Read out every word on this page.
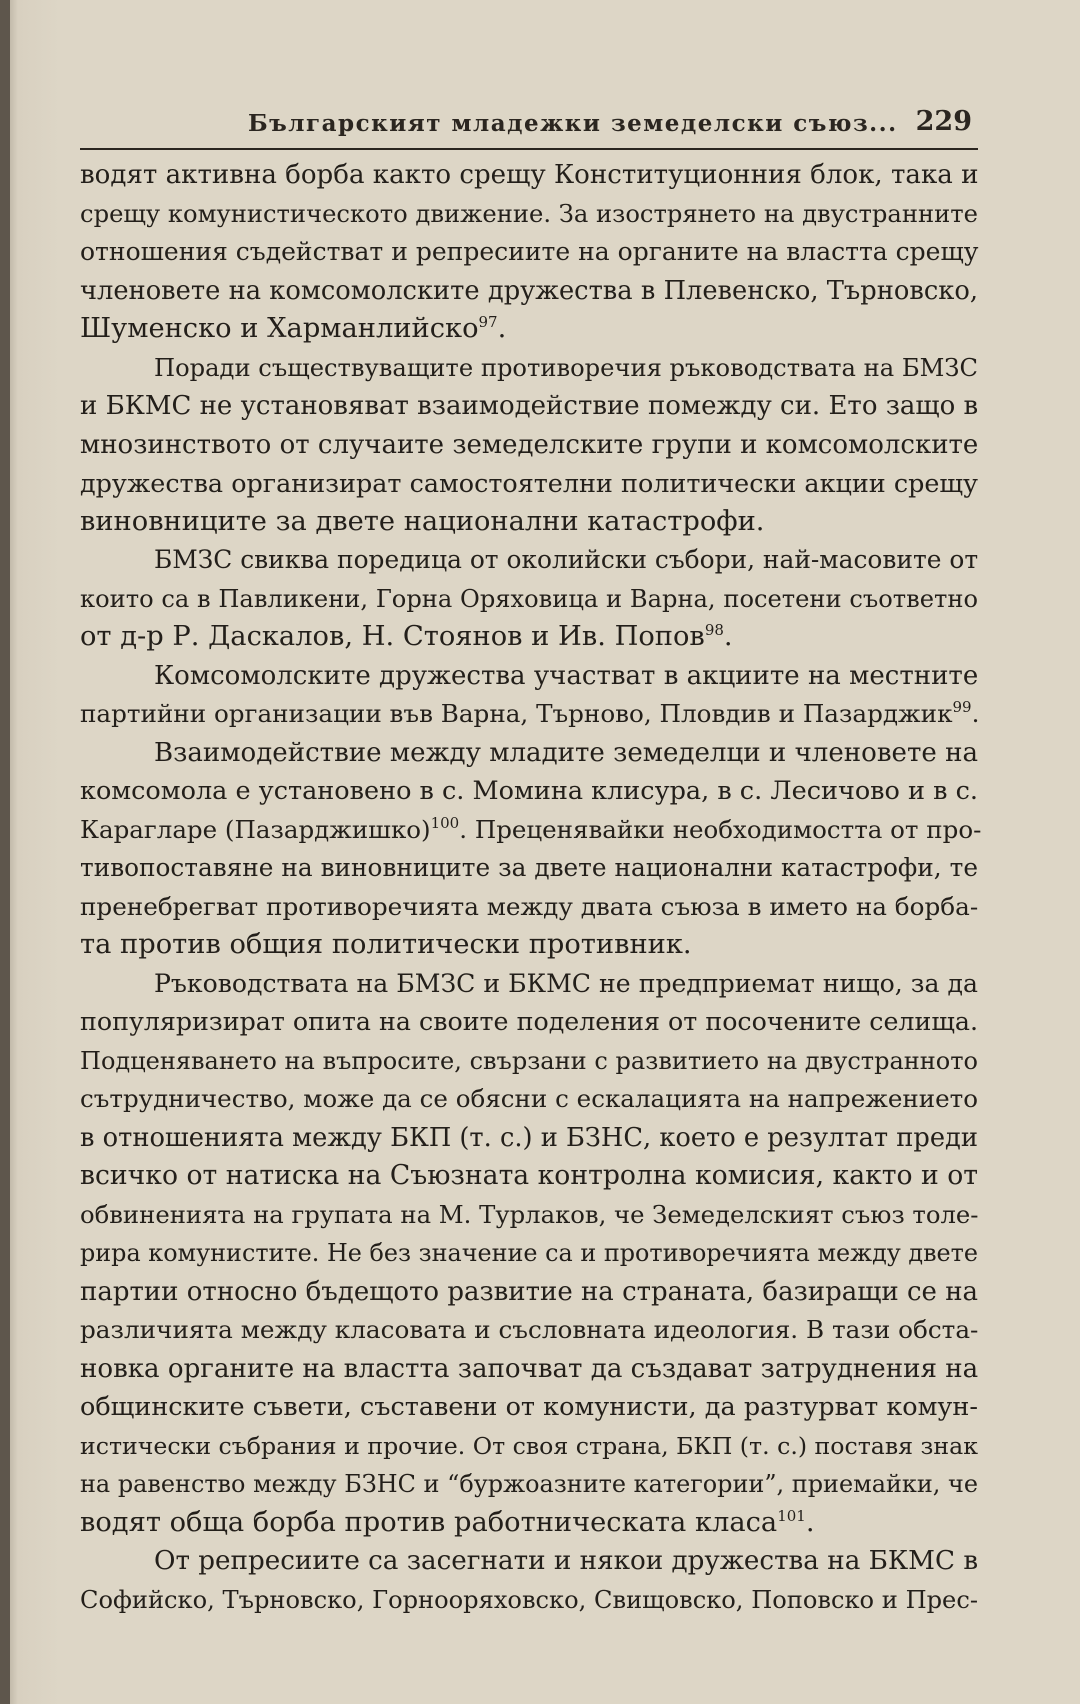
Българският младежки земеделски съюз... 229

водят активна борба както срещу Конституционния блок, така и
срещу комунистическото движение. За изострянето на двустранните
отношения съдействат и репресиите на органите на властта срещу
членовете на комсомолските дружества в Плевенско, Търновско,
Шуменско и Харманлийско$^{97}$.

Поради съществуващите противоречия ръководствата на БМЗС
и БКМС не установяват взаимодействие помежду си. Ето защо в
мнозинството от случаите земеделските групи и комсомолските
дружества организират самостоятелни политически акции срещу
виновниците за двете национални катастрофи.

БМЗС свиква поредица от околийски събори, най-масовите от
които са в Павликени, Горна Оряховица и Варна, посетени съответно
от д-р Р. Даскалов, Н. Стоянов и Ив. Попов$^{98}$.

Комсомолските дружества участват в акциите на местните
партийни организации във Варна, Търново, Пловдив и Пазарджик$^{99}$.

Взаимодействие между младите земеделци и членовете на
комсомола е установено в с. Момина клисура, в с. Лесичово и в с.
Карагларе (Пазарджишко)$^{100}$. Преценявайки необходимостта от про-
тивопоставяне на виновниците за двете национални катастрофи, те
пренебрегват противоречията между двата съюза в името на борба-
та против общия политически противник.

Ръководствата на БМЗС и БКМС не предприемат нищо, за да
популяризират опита на своите поделения от посочените селища.
Подценяването на въпросите, свързани с развитието на двустранното
сътрудничество, може да се обясни с ескалацията на напрежението
в отношенията между БКП (т. с.) и БЗНС, което е резултат преди
всичко от натиска на Съюзната контролна комисия, както и от
обвиненията на групата на М. Турлаков, че Земеделският съюз толе-
рира комунистите. Не без значение са и противоречията между двете
партии относно бъдещото развитие на страната, базиращи се на
различията между класовата и съсловната идеология. В тази обста-
новка органите на властта започват да създават затруднения на
общинските съвети, съставени от комунисти, да разтурват комун-
истически събрания и прочие. От своя страна, БКП (т. с.) поставя знак
на равенство между БЗНС и “буржоазните категории”, приемайки, че
водят обща борба против работническата класа$^{101}$.

От репресиите са засегнати и някои дружества на БКМС в
Софийско, Търновско, Горнооряховско, Свищовско, Поповско и Прес-
